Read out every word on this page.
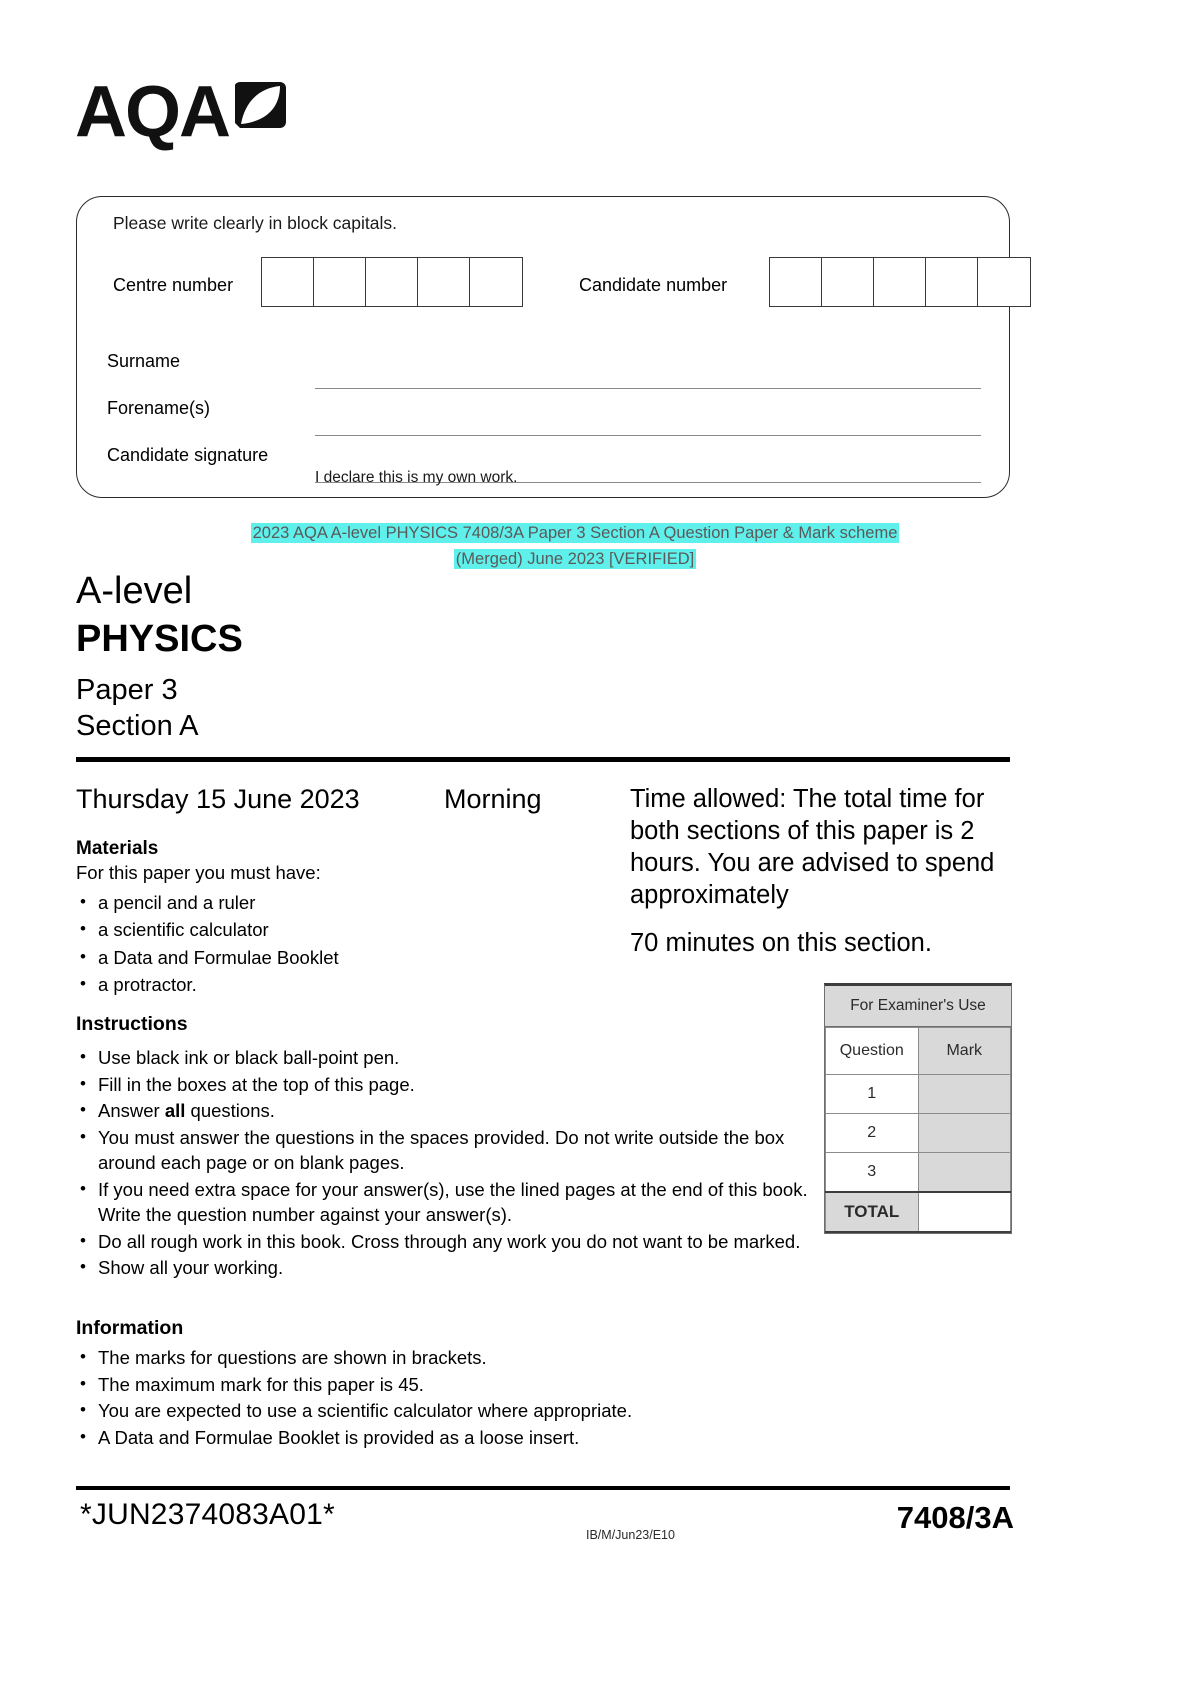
AQA
Please write clearly in block capitals.
Centre number	Candidate number
Surname
Forename(s)
Candidate signature
I declare this is my own work.
2023 AQA A-level PHYSICS 7408/3A Paper 3 Section A Question Paper & Mark scheme
(Merged) June 2023 [VERIFIED]
A-level
PHYSICS
Paper 3
Section A
Thursday 15 June 2023	Morning	Time allowed: The total time for both sections of this paper is 2 hours. You are advised to spend approximately
70 minutes on this section.
Materials
For this paper you must have:
• a pencil and a ruler
• a scientific calculator
• a Data and Formulae Booklet
• a protractor.
Instructions
• Use black ink or black ball-point pen.
• Fill in the boxes at the top of this page.
• Answer all questions.
• You must answer the questions in the spaces provided. Do not write outside the box around each page or on blank pages.
• If you need extra space for your answer(s), use the lined pages at the end of this book. Write the question number against your answer(s).
• Do all rough work in this book. Cross through any work you do not want to be marked.
• Show all your working.
Information
• The marks for questions are shown in brackets.
• The maximum mark for this paper is 45.
• You are expected to use a scientific calculator where appropriate.
• A Data and Formulae Booklet is provided as a loose insert.
For Examiner's Use
Question	Mark
1	
2	
3	
TOTAL	
*JUN2374083A01*
IB/M/Jun23/E10	7408/3A
